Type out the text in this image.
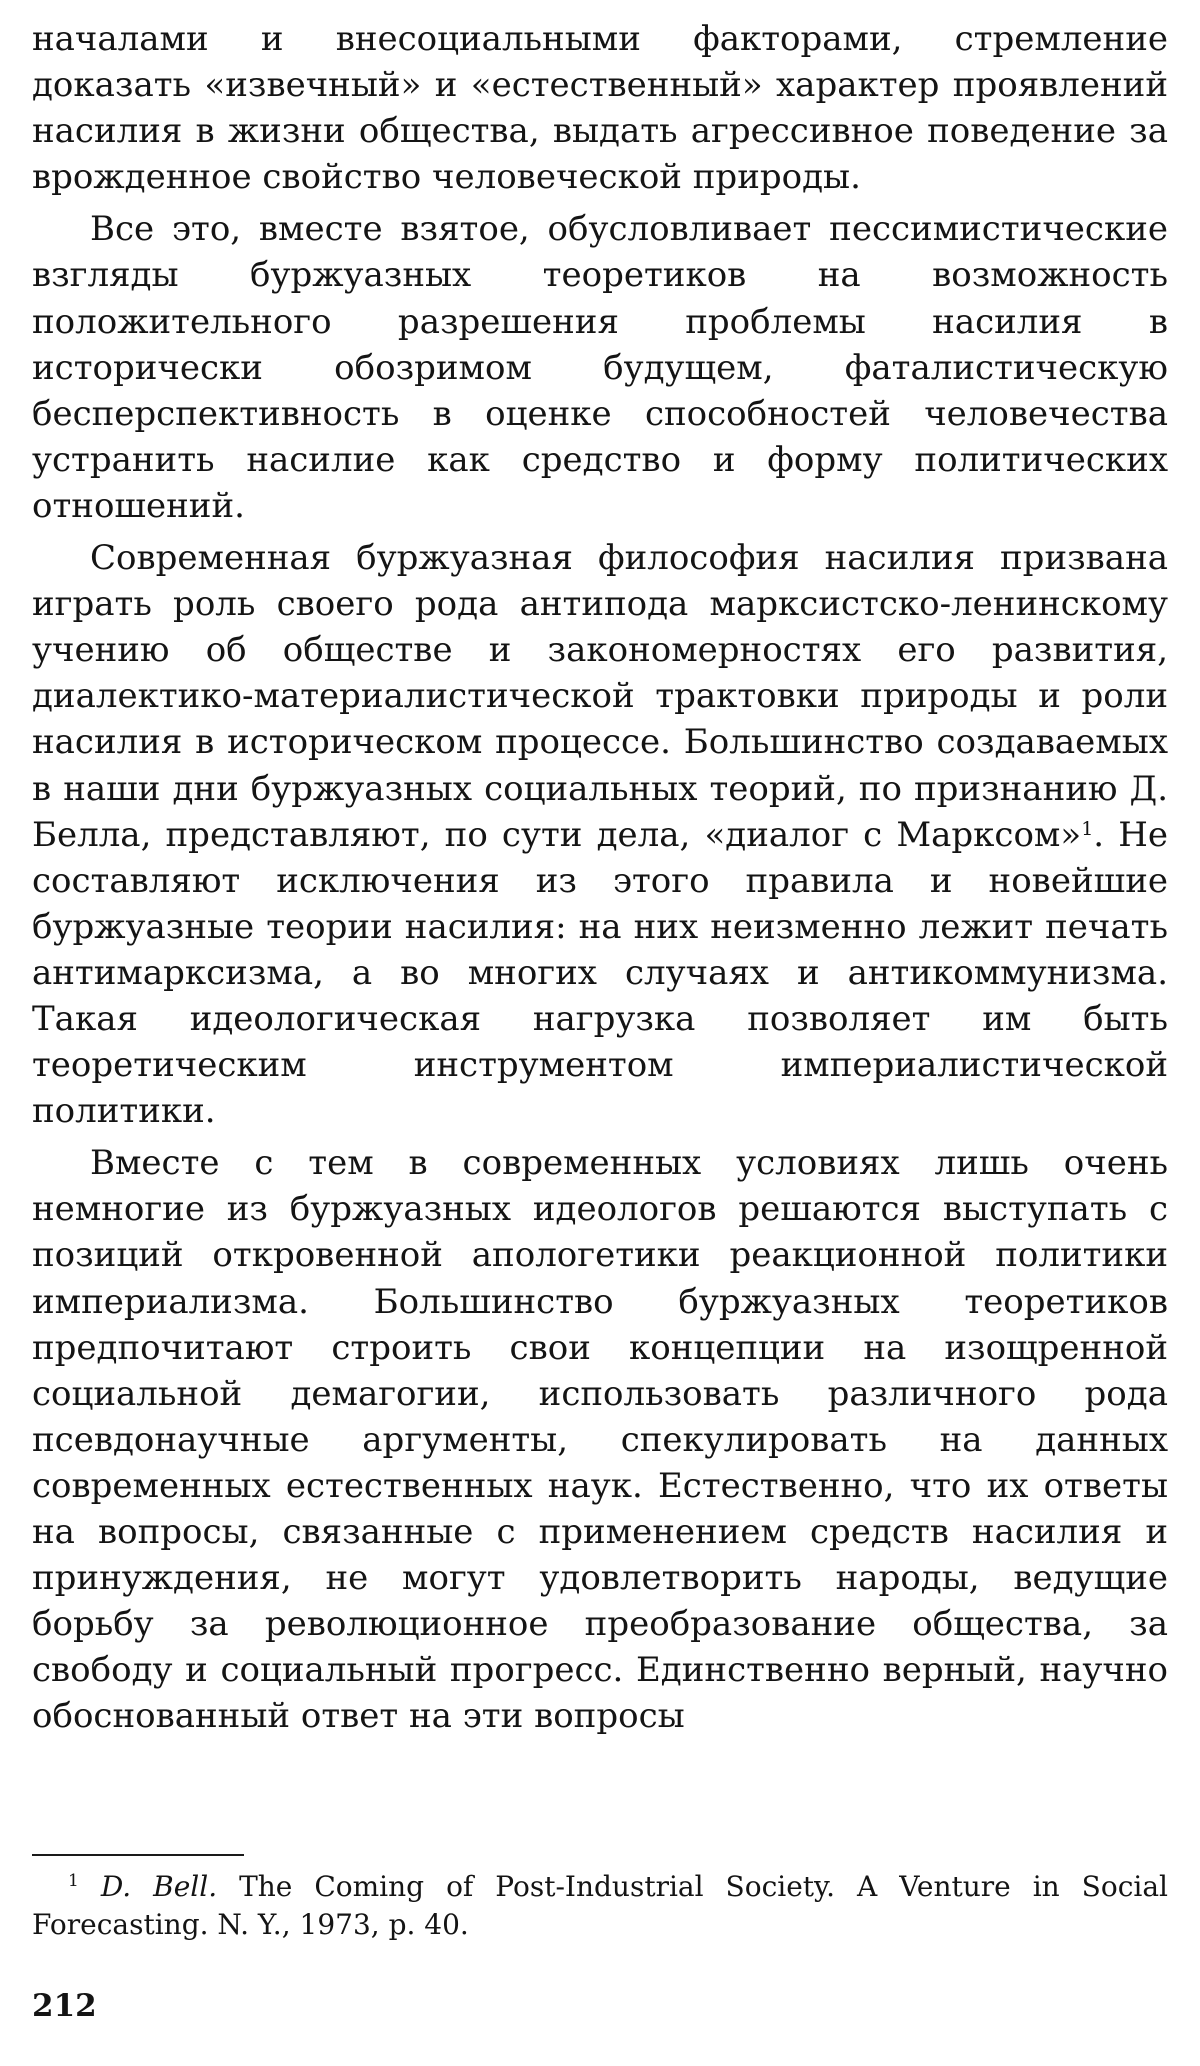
началами и внесоциальными факторами, стремление доказать «извечный» и «естественный» характер проявлений насилия в жизни общества, выдать агрессивное поведение за врожденное свойство человеческой природы.

Все это, вместе взятое, обусловливает пессимистические взгляды буржуазных теоретиков на возможность положительного разрешения проблемы насилия в исторически обозримом будущем, фаталистическую бесперспективность в оценке способностей человечества устранить насилие как средство и форму политических отношений.

Современная буржуазная философия насилия призвана играть роль своего рода антипода марксистско-ленинскому учению об обществе и закономерностях его развития, диалектико-материалистической трактовки природы и роли насилия в историческом процессе. Большинство создаваемых в наши дни буржуазных социальных теорий, по признанию Д. Белла, представляют, по сути дела, «диалог с Марксом»$^1$. Не составляют исключения из этого правила и новейшие буржуазные теории насилия: на них неизменно лежит печать антимарксизма, а во многих случаях и антикоммунизма. Такая идеологическая нагрузка позволяет им быть теоретическим инструментом империалистической политики.

Вместе с тем в современных условиях лишь очень немногие из буржуазных идеологов решаются выступать с позиций откровенной апологетики реакционной политики империализма. Большинство буржуазных теоретиков предпочитают строить свои концепции на изощренной социальной демагогии, использовать различного рода псевдонаучные аргументы, спекулировать на данных современных естественных наук. Естественно, что их ответы на вопросы, связанные с применением средств насилия и принуждения, не могут удовлетворить народы, ведущие борьбу за революционное преобразование общества, за свободу и социальный прогресс. Единственно верный, научно обоснованный ответ на эти вопросы

$^1$ D. Bell. The Coming of Post-Industrial Society. A Venture in Social Forecasting. N. Y., 1973, p. 40.
212
